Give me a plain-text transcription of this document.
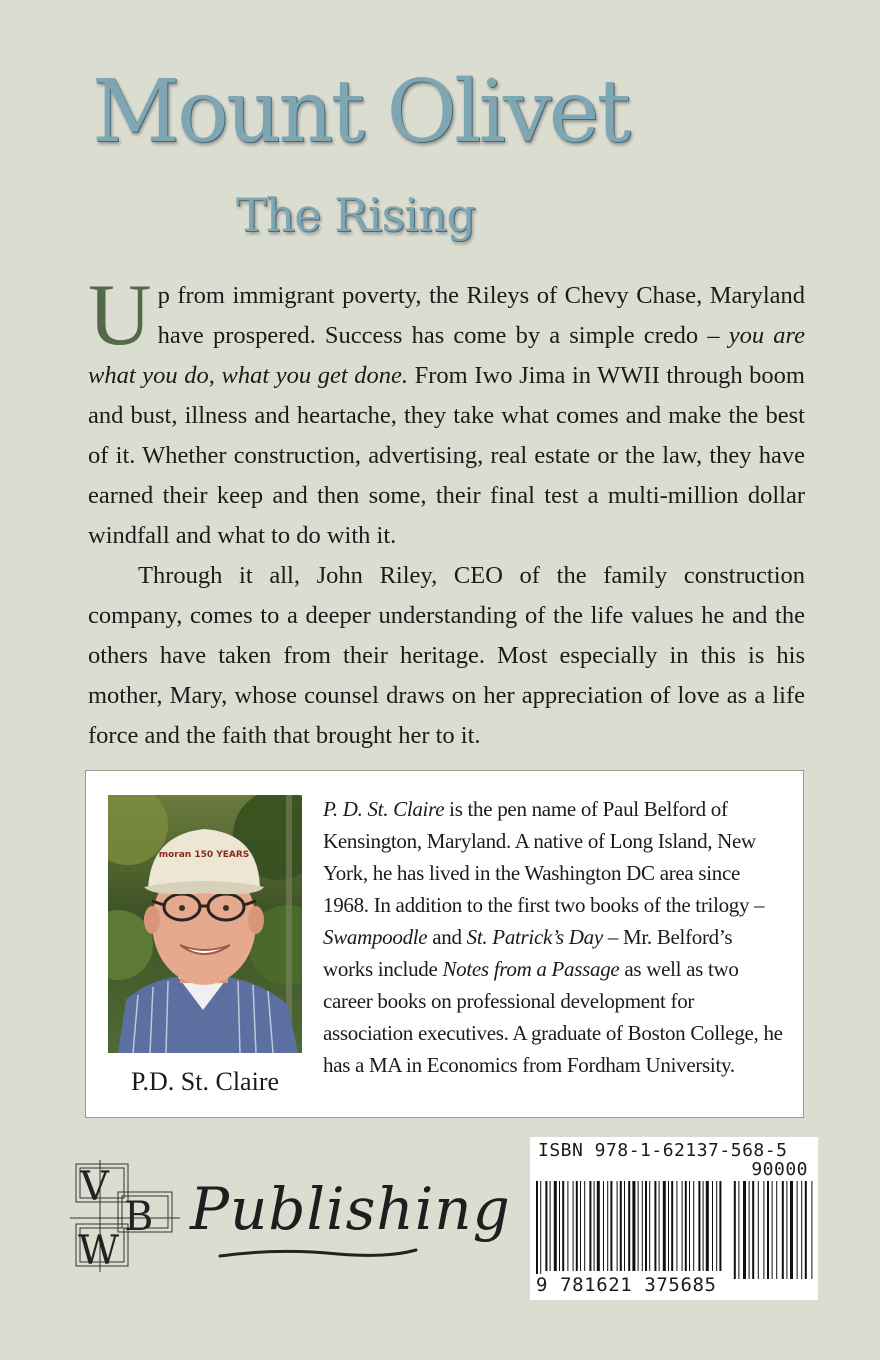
Mount Olivet
The Rising

Up from immigrant poverty, the Rileys of Chevy Chase, Maryland have prospered. Success has come by a simple credo – you are what you do, what you get done. From Iwo Jima in WWII through boom and bust, illness and heartache, they take what comes and make the best of it. Whether construction, advertising, real estate or the law, they have earned their keep and then some, their final test a multi-million dollar windfall and what to do with it.

Through it all, John Riley, CEO of the family construction company, comes to a deeper understanding of the life values he and the others have taken from their heritage. Most especially in this is his mother, Mary, whose counsel draws on her appreciation of love as a life force and the faith that brought her to it.

moran 150 YEARS
P.D. St. Claire

P. D. St. Claire is the pen name of Paul Belford of Kensington, Maryland. A native of Long Island, New York, he has lived in the Washington DC area since 1968. In addition to the first two books of the trilogy – Swampoodle and St. Patrick’s Day – Mr. Belford’s works include Notes from a Passage as well as two career books on professional development for association executives. A graduate of Boston College, he has a MA in Economics from Fordham University.

V
B
W
Publishing
ISBN 978-1-62137-568-5
90000
9 781621 375685
